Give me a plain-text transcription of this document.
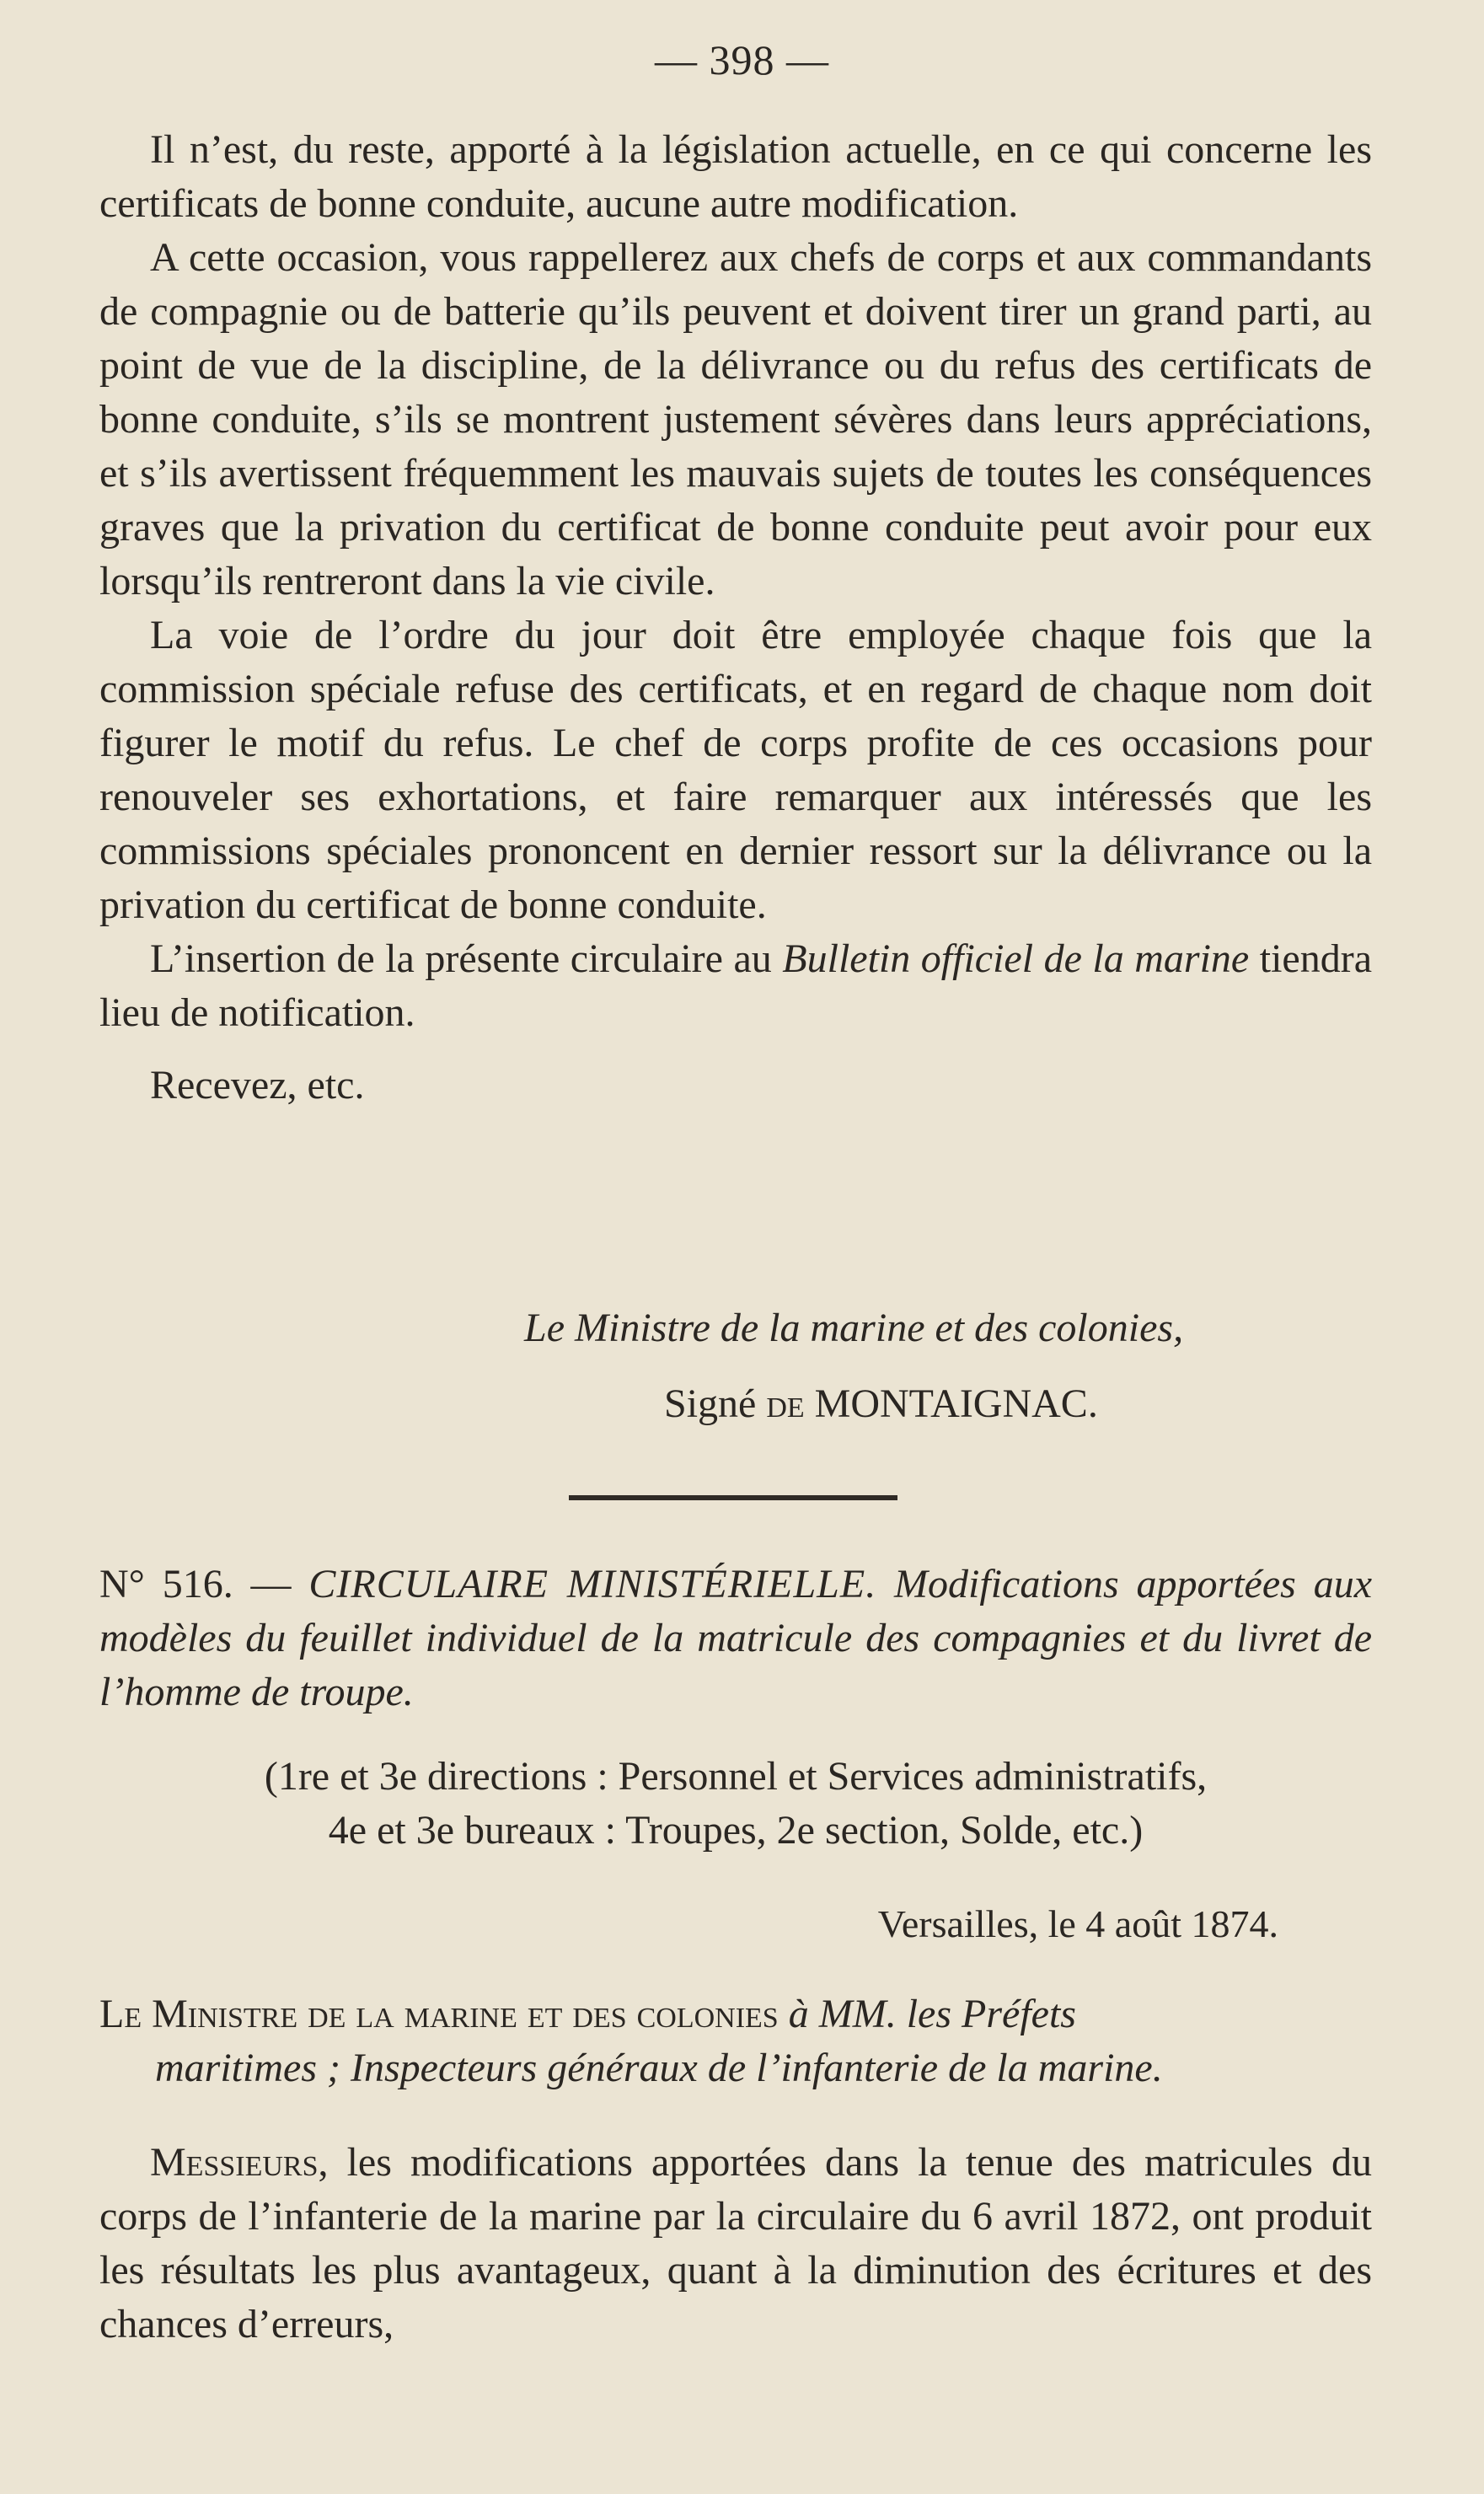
— 398 —

Il n’est, du reste, apporté à la législation actuelle, en ce qui concerne les certificats de bonne conduite, aucune autre modification.

A cette occasion, vous rappellerez aux chefs de corps et aux commandants de compagnie ou de batterie qu’ils peuvent et doivent tirer un grand parti, au point de vue de la discipline, de la délivrance ou du refus des certificats de bonne conduite, s’ils se montrent justement sévères dans leurs appréciations, et s’ils avertissent fréquemment les mauvais sujets de toutes les conséquences graves que la privation du certificat de bonne conduite peut avoir pour eux lorsqu’ils rentreront dans la vie civile.

La voie de l’ordre du jour doit être employée chaque fois que la commission spéciale refuse des certificats, et en regard de chaque nom doit figurer le motif du refus. Le chef de corps profite de ces occasions pour renouveler ses exhortations, et faire remarquer aux intéressés que les commissions spéciales prononcent en dernier ressort sur la délivrance ou la privation du certificat de bonne conduite.

L’insertion de la présente circulaire au Bulletin officiel de la marine tiendra lieu de notification.

Recevez, etc.

Le Ministre de la marine et des colonies,
Signé de MONTAIGNAC.
N° 516. — CIRCULAIRE MINISTÉRIELLE. Modifications apportées aux modèles du feuillet individuel de la matricule des compagnies et du livret de l’homme de troupe.
(1re et 3e directions : Personnel et Services administratifs,
4e et 3e bureaux : Troupes, 2e section, Solde, etc.)
Versailles, le 4 août 1874.
Le Ministre de la marine et des colonies à MM. les Préfets
maritimes ; Inspecteurs généraux de l’infanterie de la marine.

Messieurs, les modifications apportées dans la tenue des matricules du corps de l’infanterie de la marine par la circulaire du 6 avril 1872, ont produit les résultats les plus avantageux, quant à la diminution des écritures et des chances d’erreurs,
